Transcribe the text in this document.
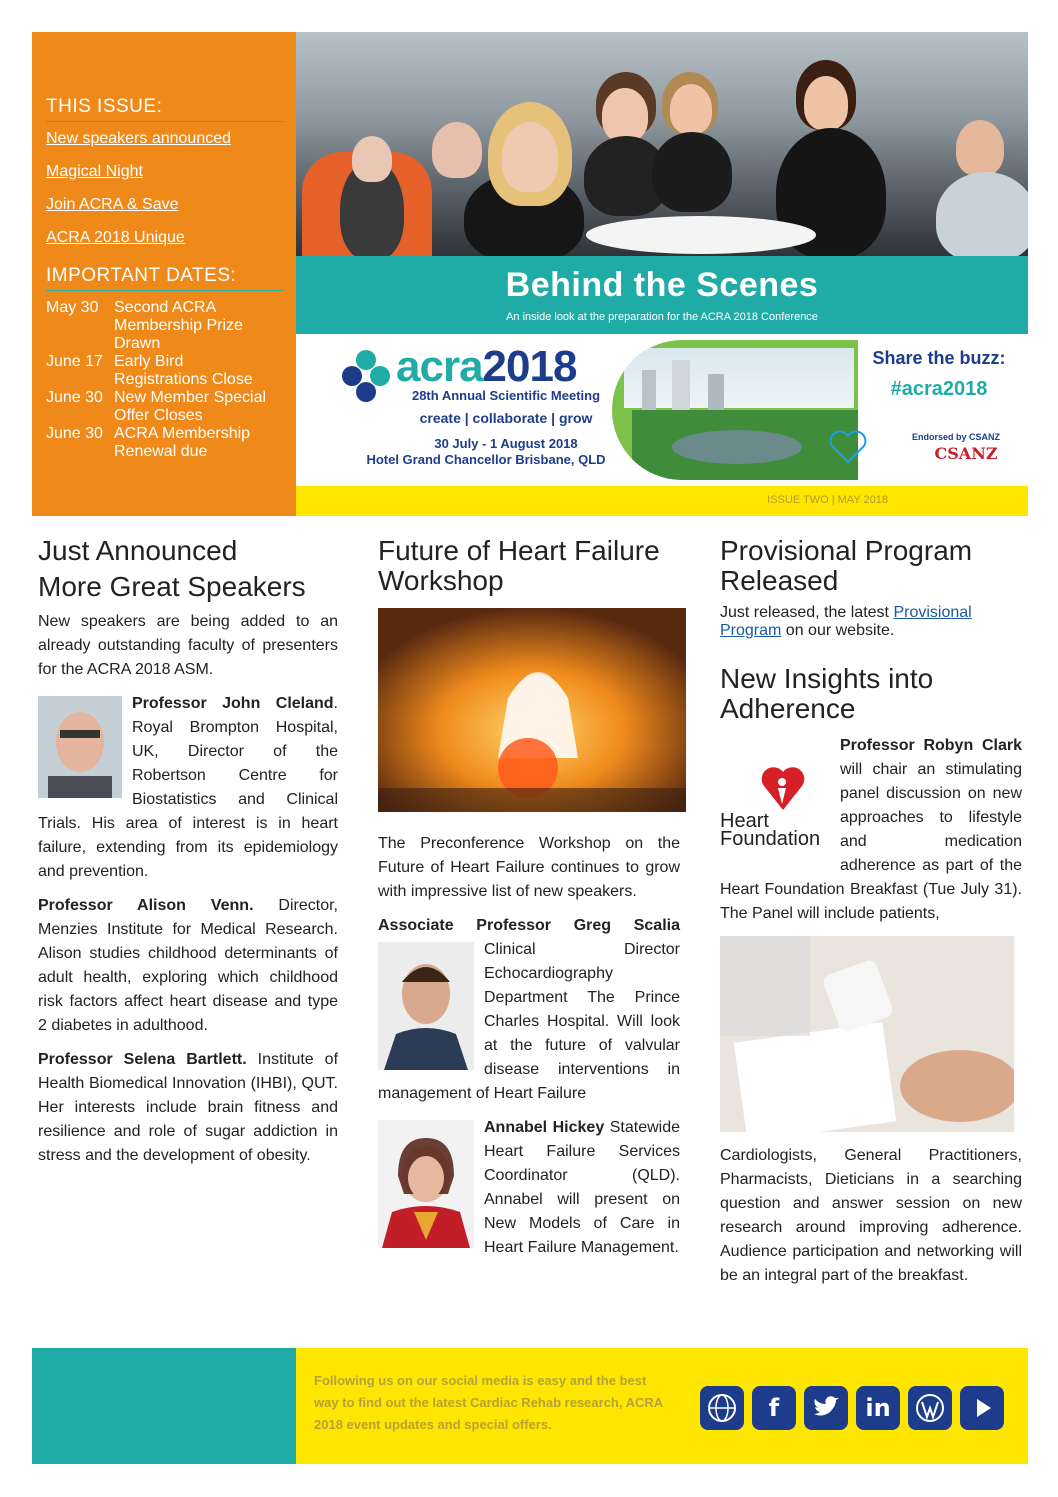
THIS ISSUE:
New speakers announced
Magical Night
Join ACRA & Save
ACRA 2018 Unique
IMPORTANT DATES:
May 30 Second ACRA Membership Prize Drawn
June 17 Early Bird Registrations Close
June 30 New Member Special Offer Closes
June 30 ACRA Membership Renewal due
Behind the Scenes
An inside look at the preparation for the ACRA 2018 Conference
acra2018
28th Annual Scientific Meeting
create | collaborate | grow
30 July - 1 August 2018
Hotel Grand Chancellor Brisbane, QLD
Share the buzz:
#acra2018
Endorsed by CSANZ
CSANZ
ISSUE TWO | MAY 2018
Just Announced
More Great Speakers

New speakers are being added to an already outstanding faculty of presenters for the ACRA 2018 ASM.

Professor John Cleland
. Royal Brompton Hospital, UK, Director of the Robertson Centre for Biostatistics and Clinical Trials. His area of interest is in heart failure, extending from its epidemiology and prevention.

Professor Alison Venn. Director, Menzies Institute for Medical Research. Alison studies childhood determinants of adult health, exploring which childhood risk factors affect heart disease and type 2 diabetes in adulthood.

Professor Selena Bartlett. Institute of Health Biomedical Innovation (IHBI), QUT. Her interests include brain fitness and resilience and role of sugar addiction in stress and the development of obesity.

Future of Heart Failure
Workshop

The Preconference Workshop on the Future of Heart Failure continues to grow with impressive list of new speakers.

Associate Professor Greg Scalia
Clinical Director Echocardiography Department The Prince Charles Hospital. Will look at the future of valvular disease interventions in management of Heart Failure

Annabel Hickey
Statewide Heart Failure Services Coordinator (QLD). Annabel will present on New Models of Care in Heart Failure Management.

Provisional Program
Released

Just released, the latest Provisional Program on our website.

New Insights into
Adherence

Professor Robyn Clark
Heart
Foundation
will chair an stimulating panel discussion on new approaches to lifestyle and medication adherence as part of the Heart Foundation Breakfast (Tue July 31). The Panel will include patients,

Cardiologists, General Practitioners, Pharmacists, Dieticians in a searching question and answer session on new research around improving adherence. Audience participation and networking will be an integral part of the breakfast.

Following us on our social media is easy and the best way to find out the latest Cardiac Rehab research, ACRA 2018 event updates and special offers.
f	in
